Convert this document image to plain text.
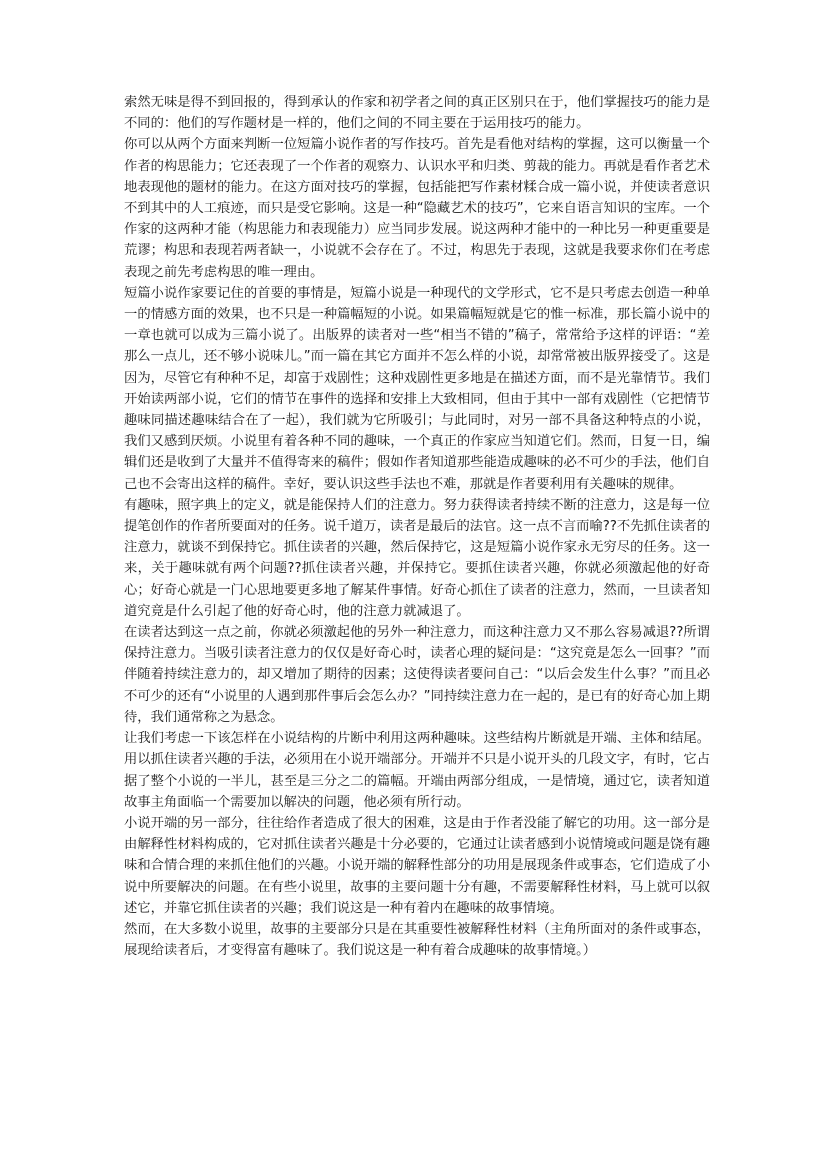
索然无味是得不到回报的，得到承认的作家和初学者之间的真正区别只在于，他们掌握技巧的能力是不同的：他们的写作题材是一样的，他们之间的不同主要在于运用技巧的能力。

你可以从两个方面来判断一位短篇小说作者的写作技巧。首先是看他对结构的掌握，这可以衡量一个作者的构思能力；它还表现了一个作者的观察力、认识水平和归类、剪裁的能力。再就是看作者艺术地表现他的题材的能力。在这方面对技巧的掌握，包括能把写作素材糅合成一篇小说，并使读者意识不到其中的人工痕迹，而只是受它影响。这是一种“隐藏艺术的技巧”，它来自语言知识的宝库。一个作家的这两种才能（构思能力和表现能力）应当同步发展。说这两种才能中的一种比另一种更重要是荒谬；构思和表现若两者缺一，小说就不会存在了。不过，构思先于表现，这就是我要求你们在考虑表现之前先考虑构思的唯一理由。

短篇小说作家要记住的首要的事情是，短篇小说是一种现代的文学形式，它不是只考虑去创造一种单一的情感方面的效果，也不只是一种篇幅短的小说。如果篇幅短就是它的惟一标准，那长篇小说中的一章也就可以成为三篇小说了。出版界的读者对一些“相当不错的”稿子，常常给予这样的评语：“差那么一点儿，还不够小说味儿。”而一篇在其它方面并不怎么样的小说，却常常被出版界接受了。这是因为，尽管它有种种不足，却富于戏剧性；这种戏剧性更多地是在描述方面，而不是光靠情节。我们开始读两部小说，它们的情节在事件的选择和安排上大致相同，但由于其中一部有戏剧性（它把情节趣味同描述趣味结合在了一起），我们就为它所吸引；与此同时，对另一部不具备这种特点的小说，我们又感到厌烦。小说里有着各种不同的趣味，一个真正的作家应当知道它们。然而，日复一日，编辑们还是收到了大量并不值得寄来的稿件；假如作者知道那些能造成趣味的必不可少的手法，他们自己也不会寄出这样的稿件。幸好，要认识这些手法也不难，那就是作者要利用有关趣味的规律。

有趣味，照字典上的定义，就是能保持人们的注意力。努力获得读者持续不断的注意力，这是每一位提笔创作的作者所要面对的任务。说千道万，读者是最后的法官。这一点不言而喻??不先抓住读者的注意力，就谈不到保持它。抓住读者的兴趣，然后保持它，这是短篇小说作家永无穷尽的任务。这一来，关于趣味就有两个问题??抓住读者兴趣，并保持它。要抓住读者兴趣，你就必须激起他的好奇心；好奇心就是一门心思地要更多地了解某件事情。好奇心抓住了读者的注意力，然而，一旦读者知道究竟是什么引起了他的好奇心时，他的注意力就减退了。

在读者达到这一点之前，你就必须激起他的另外一种注意力，而这种注意力又不那么容易减退??所谓保持注意力。当吸引读者注意力的仅仅是好奇心时，读者心理的疑问是：“这究竟是怎么一回事？”而伴随着持续注意力的，却又增加了期待的因素；这使得读者要问自己：“以后会发生什么事？”而且必不可少的还有“小说里的人遇到那件事后会怎么办？”同持续注意力在一起的，是已有的好奇心加上期待，我们通常称之为悬念。

让我们考虑一下该怎样在小说结构的片断中利用这两种趣味。这些结构片断就是开端、主体和结尾。用以抓住读者兴趣的手法，必须用在小说开端部分。开端并不只是小说开头的几段文字，有时，它占据了整个小说的一半儿，甚至是三分之二的篇幅。开端由两部分组成，一是情境，通过它，读者知道故事主角面临一个需要加以解决的问题，他必须有所行动。

小说开端的另一部分，往往给作者造成了很大的困难，这是由于作者没能了解它的功用。这一部分是由解释性材料构成的，它对抓住读者兴趣是十分必要的，它通过让读者感到小说情境或问题是饶有趣味和合情合理的来抓住他们的兴趣。小说开端的解释性部分的功用是展现条件或事态，它们造成了小说中所要解决的问题。在有些小说里，故事的主要问题十分有趣，不需要解释性材料，马上就可以叙述它，并靠它抓住读者的兴趣；我们说这是一种有着内在趣味的故事情境。

然而，在大多数小说里，故事的主要部分只是在其重要性被解释性材料（主角所面对的条件或事态，展现给读者后，才变得富有趣味了。我们说这是一种有着合成趣味的故事情境。）
